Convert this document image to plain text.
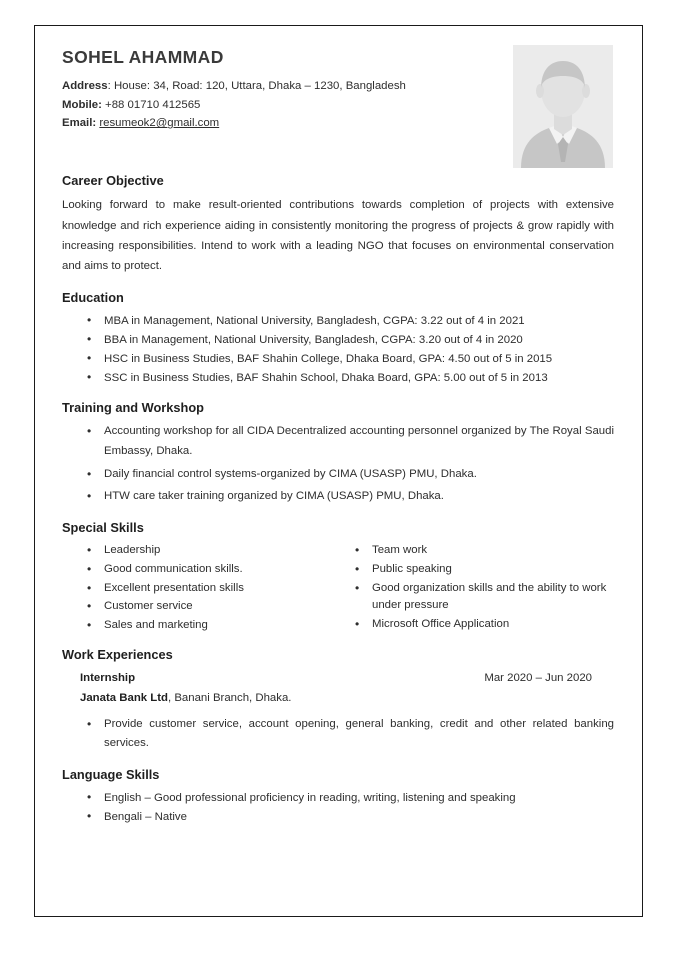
SOHEL AHAMMAD
Address: House: 34, Road: 120, Uttara, Dhaka – 1230, Bangladesh
Mobile: +88 01710 412565
Email: resumeok2@gmail.com
Career Objective

Looking forward to make result-oriented contributions towards completion of projects with extensive knowledge and rich experience aiding in consistently monitoring the progress of projects & grow rapidly with increasing responsibilities. Intend to work with a leading NGO that focuses on environmental conservation and aims to protect.

Education
• MBA in Management, National University, Bangladesh, CGPA: 3.22 out of 4 in 2021
• BBA in Management, National University, Bangladesh, CGPA: 3.20 out of 4 in 2020
• HSC in Business Studies, BAF Shahin College, Dhaka Board, GPA: 4.50 out of 5 in 2015
• SSC in Business Studies, BAF Shahin School, Dhaka Board, GPA: 5.00 out of 5 in 2013
Training and Workshop
• Accounting workshop for all CIDA Decentralized accounting personnel organized by The Royal Saudi Embassy, Dhaka.
• Daily financial control systems-organized by CIMA (USASP) PMU, Dhaka.
• HTW care taker training organized by CIMA (USASP) PMU, Dhaka.
Special Skills
• Leadership
• Good communication skills.
• Excellent presentation skills
• Customer service
• Sales and marketing
• Team work
• Public speaking
• Good organization skills and the ability to work under pressure
• Microsoft Office Application
Work Experiences
Internship	Mar 2020 – Jun 2020
Janata Bank Ltd, Banani Branch, Dhaka.
• Provide customer service, account opening, general banking, credit and other related banking services.
Language Skills
• English – Good professional proficiency in reading, writing, listening and speaking
• Bengali – Native
